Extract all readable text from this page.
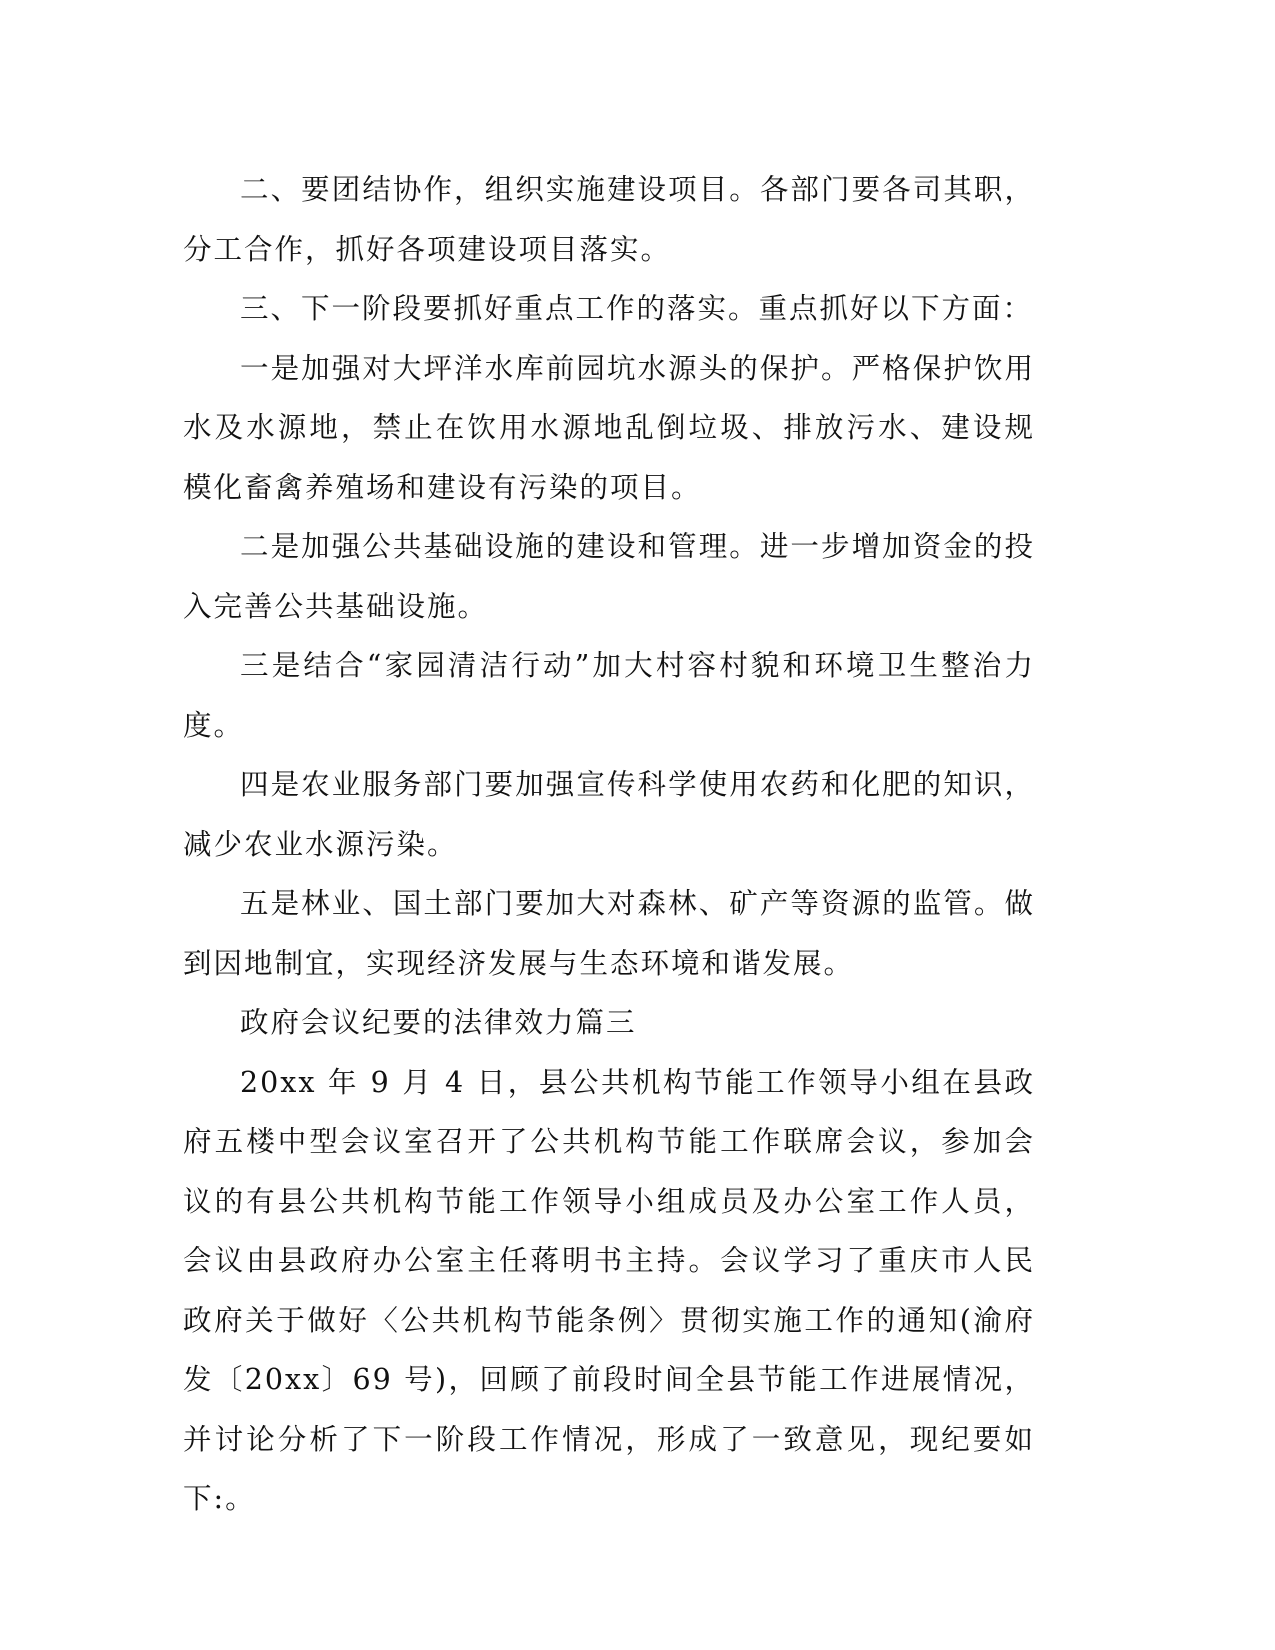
二、要团结协作，组织实施建设项目。各部门要各司其职，分工合作，抓好各项建设项目落实。

三、下一阶段要抓好重点工作的落实。重点抓好以下方面：

一是加强对大坪洋水库前园坑水源头的保护。严格保护饮用水及水源地，禁止在饮用水源地乱倒垃圾、排放污水、建设规模化畜禽养殖场和建设有污染的项目。

二是加强公共基础设施的建设和管理。进一步增加资金的投入完善公共基础设施。

三是结合“家园清洁行动”加大村容村貌和环境卫生整治力度。

四是农业服务部门要加强宣传科学使用农药和化肥的知识，减少农业水源污染。

五是林业、国土部门要加大对森林、矿产等资源的监管。做到因地制宜，实现经济发展与生态环境和谐发展。

政府会议纪要的法律效力篇三

20xx 年 9 月 4 日，县公共机构节能工作领导小组在县政府五楼中型会议室召开了公共机构节能工作联席会议，参加会议的有县公共机构节能工作领导小组成员及办公室工作人员，会议由县政府办公室主任蒋明书主持。会议学习了重庆市人民政府关于做好〈公共机构节能条例〉贯彻实施工作的通知(渝府发〔20xx〕69 号)，回顾了前段时间全县节能工作进展情况，并讨论分析了下一阶段工作情况，形成了一致意见，现纪要如下:。
